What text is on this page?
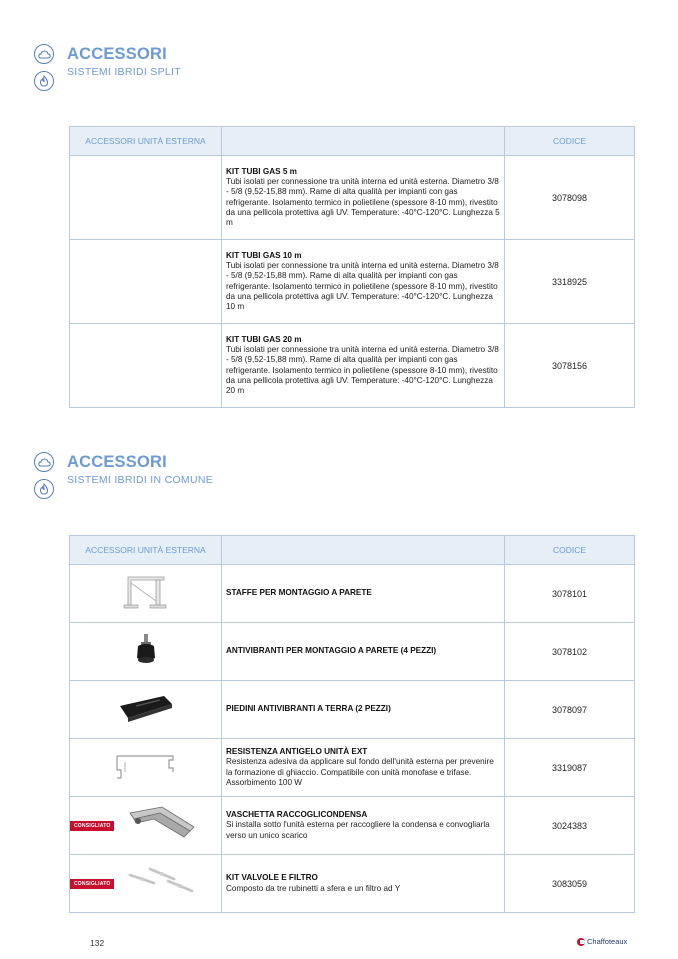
ACCESSORI
SISTEMI IBRIDI SPLIT
ACCESSORI UNITÀ ESTERNA		CODICE

	KIT TUBI GAS 5 m
Tubi isolati per connessione tra unità interna ed unità esterna. Diametro 3/8 - 5/8 (9,52-15,88 mm). Rame di alta qualità per impianti con gas refrigerante. Isolamento termico in polietilene (spessore 8-10 mm), rivestito da una pellicola protettiva agli UV. Temperature: -40°C-120°C. Lunghezza 5 m	3078098

	KIT TUBI GAS 10 m
Tubi isolati per connessione tra unità interna ed unità esterna. Diametro 3/8 - 5/8 (9,52-15,88 mm). Rame di alta qualità per impianti con gas refrigerante. Isolamento termico in polietilene (spessore 8-10 mm), rivestito da una pellicola protettiva agli UV. Temperature: -40°C-120°C. Lunghezza 10 m	3318925

	KIT TUBI GAS 20 m
Tubi isolati per connessione tra unità interna ed unità esterna. Diametro 3/8 - 5/8 (9,52-15,88 mm). Rame di alta qualità per impianti con gas refrigerante. Isolamento termico in polietilene (spessore 8-10 mm), rivestito da una pellicola protettiva agli UV. Temperature: -40°C-120°C. Lunghezza 20 m	3078156
ACCESSORI
SISTEMI IBRIDI IN COMUNE
ACCESSORI UNITÀ ESTERNA		CODICE

STAFFE PER MONTAGGIO A PARETE	3078101

ANTIVIBRANTI PER MONTAGGIO A PARETE (4 PEZZI)	3078102

PIEDINI ANTIVIBRANTI A TERRA (2 PEZZI)	3078097

RESISTENZA ANTIGELO UNITÀ EXT
Resistenza adesiva da applicare sul fondo dell'unità esterna per prevenire la formazione di ghiaccio. Compatibile con unità monofase e trifase. Assorbimento 100 W	3319087

CONSIGLIATO	VASCHETTA RACCOGLICONDENSA
Si installa sotto l'unità esterna per raccogliere la condensa e convogliarla verso un unico scarico	3024383

CONSIGLIATO	KIT VALVOLE E FILTRO
Composto da tre rubinetti a sfera e un filtro ad Y	3083059
132	Chaffoteaux
